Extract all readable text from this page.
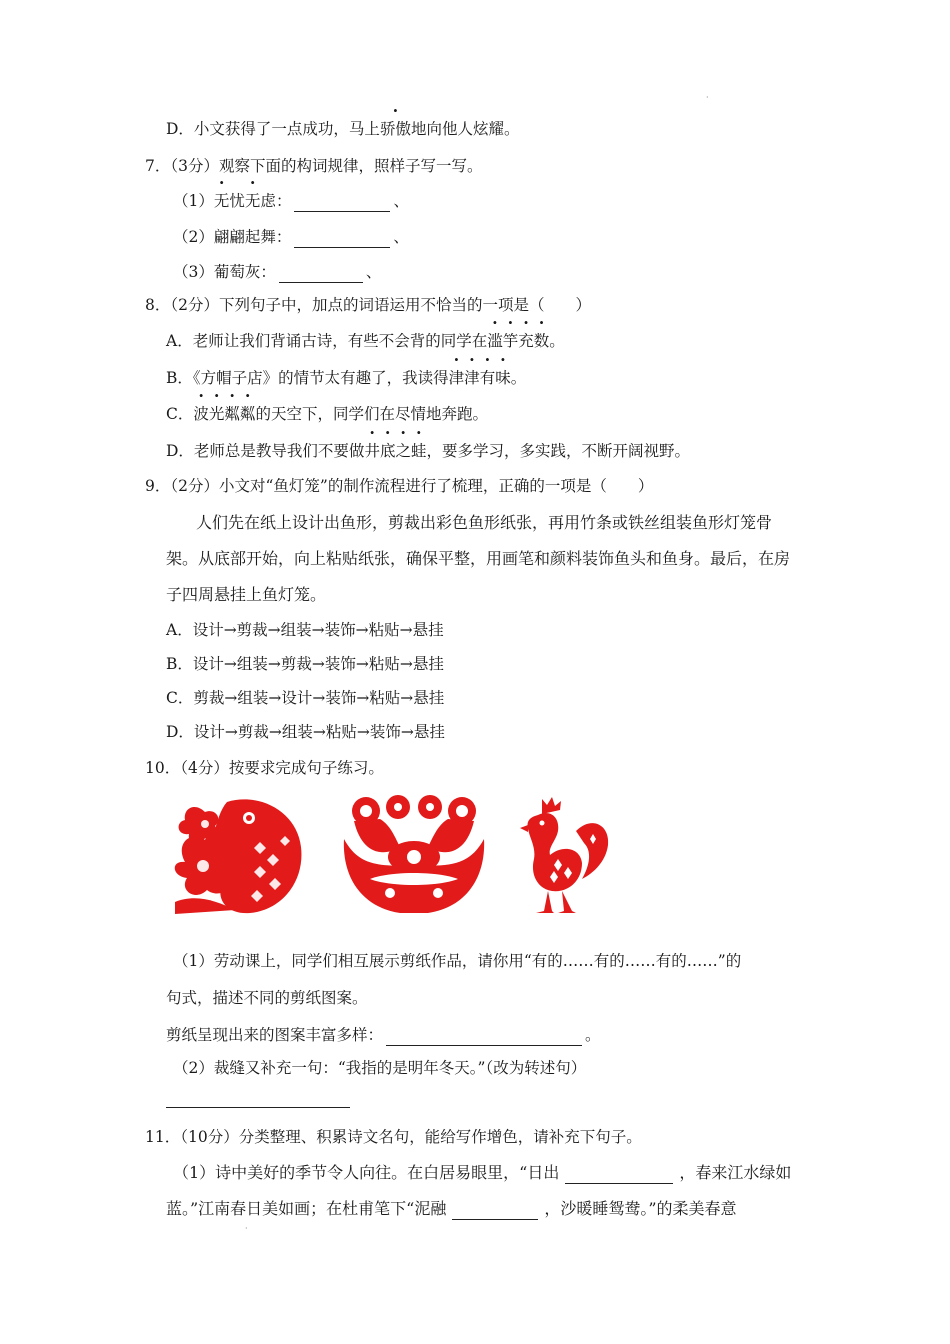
·
D．小文获得了一点成功，马上骄傲地向他人炫耀。
7．（3分）观察下面的构词规律，照样子写一写。
（1）无忧无虑：	、
（2）翩翩起舞：	、
（3）葡萄灰：	、
8．（2分）下列句子中，加点的词语运用不恰当的一项是（　　）
A．老师让我们背诵古诗，有些不会背的同学在滥竽充数。
B．《方帽子店》的情节太有趣了，我读得津津有味。
C．波光粼粼的天空下，同学们在尽情地奔跑。
D．老师总是教导我们不要做井底之蛙，要多学习，多实践，不断开阔视野。
9．（2分）小文对“鱼灯笼”的制作流程进行了梳理，正确的一项是（　　）
人们先在纸上设计出鱼形，剪裁出彩色鱼形纸张，再用竹条或铁丝组装鱼形灯笼骨
架。从底部开始，向上粘贴纸张，确保平整，用画笔和颜料装饰鱼头和鱼身。最后，在房
子四周悬挂上鱼灯笼。
A．设计→剪裁→组装→装饰→粘贴→悬挂
B．设计→组装→剪裁→装饰→粘贴→悬挂
C．剪裁→组装→设计→装饰→粘贴→悬挂
D．设计→剪裁→组装→粘贴→装饰→悬挂
10．（4分）按要求完成句子练习。
（1）劳动课上，同学们相互展示剪纸作品，请你用“有的……有的……有的……”的
句式，描述不同的剪纸图案。
剪纸呈现出来的图案丰富多样：	。
（2）裁缝又补充一句：“我指的是明年冬天。”（改为转述句）
11．（10分）分类整理、积累诗文名句，能给写作增色，请补充下句子。
（1）诗中美好的季节令人向往。在白居易眼里，“日出	，春来江水绿如
蓝。”江南春日美如画；在杜甫笔下“泥融	，沙暖睡鸳鸯。”的柔美春意
·
